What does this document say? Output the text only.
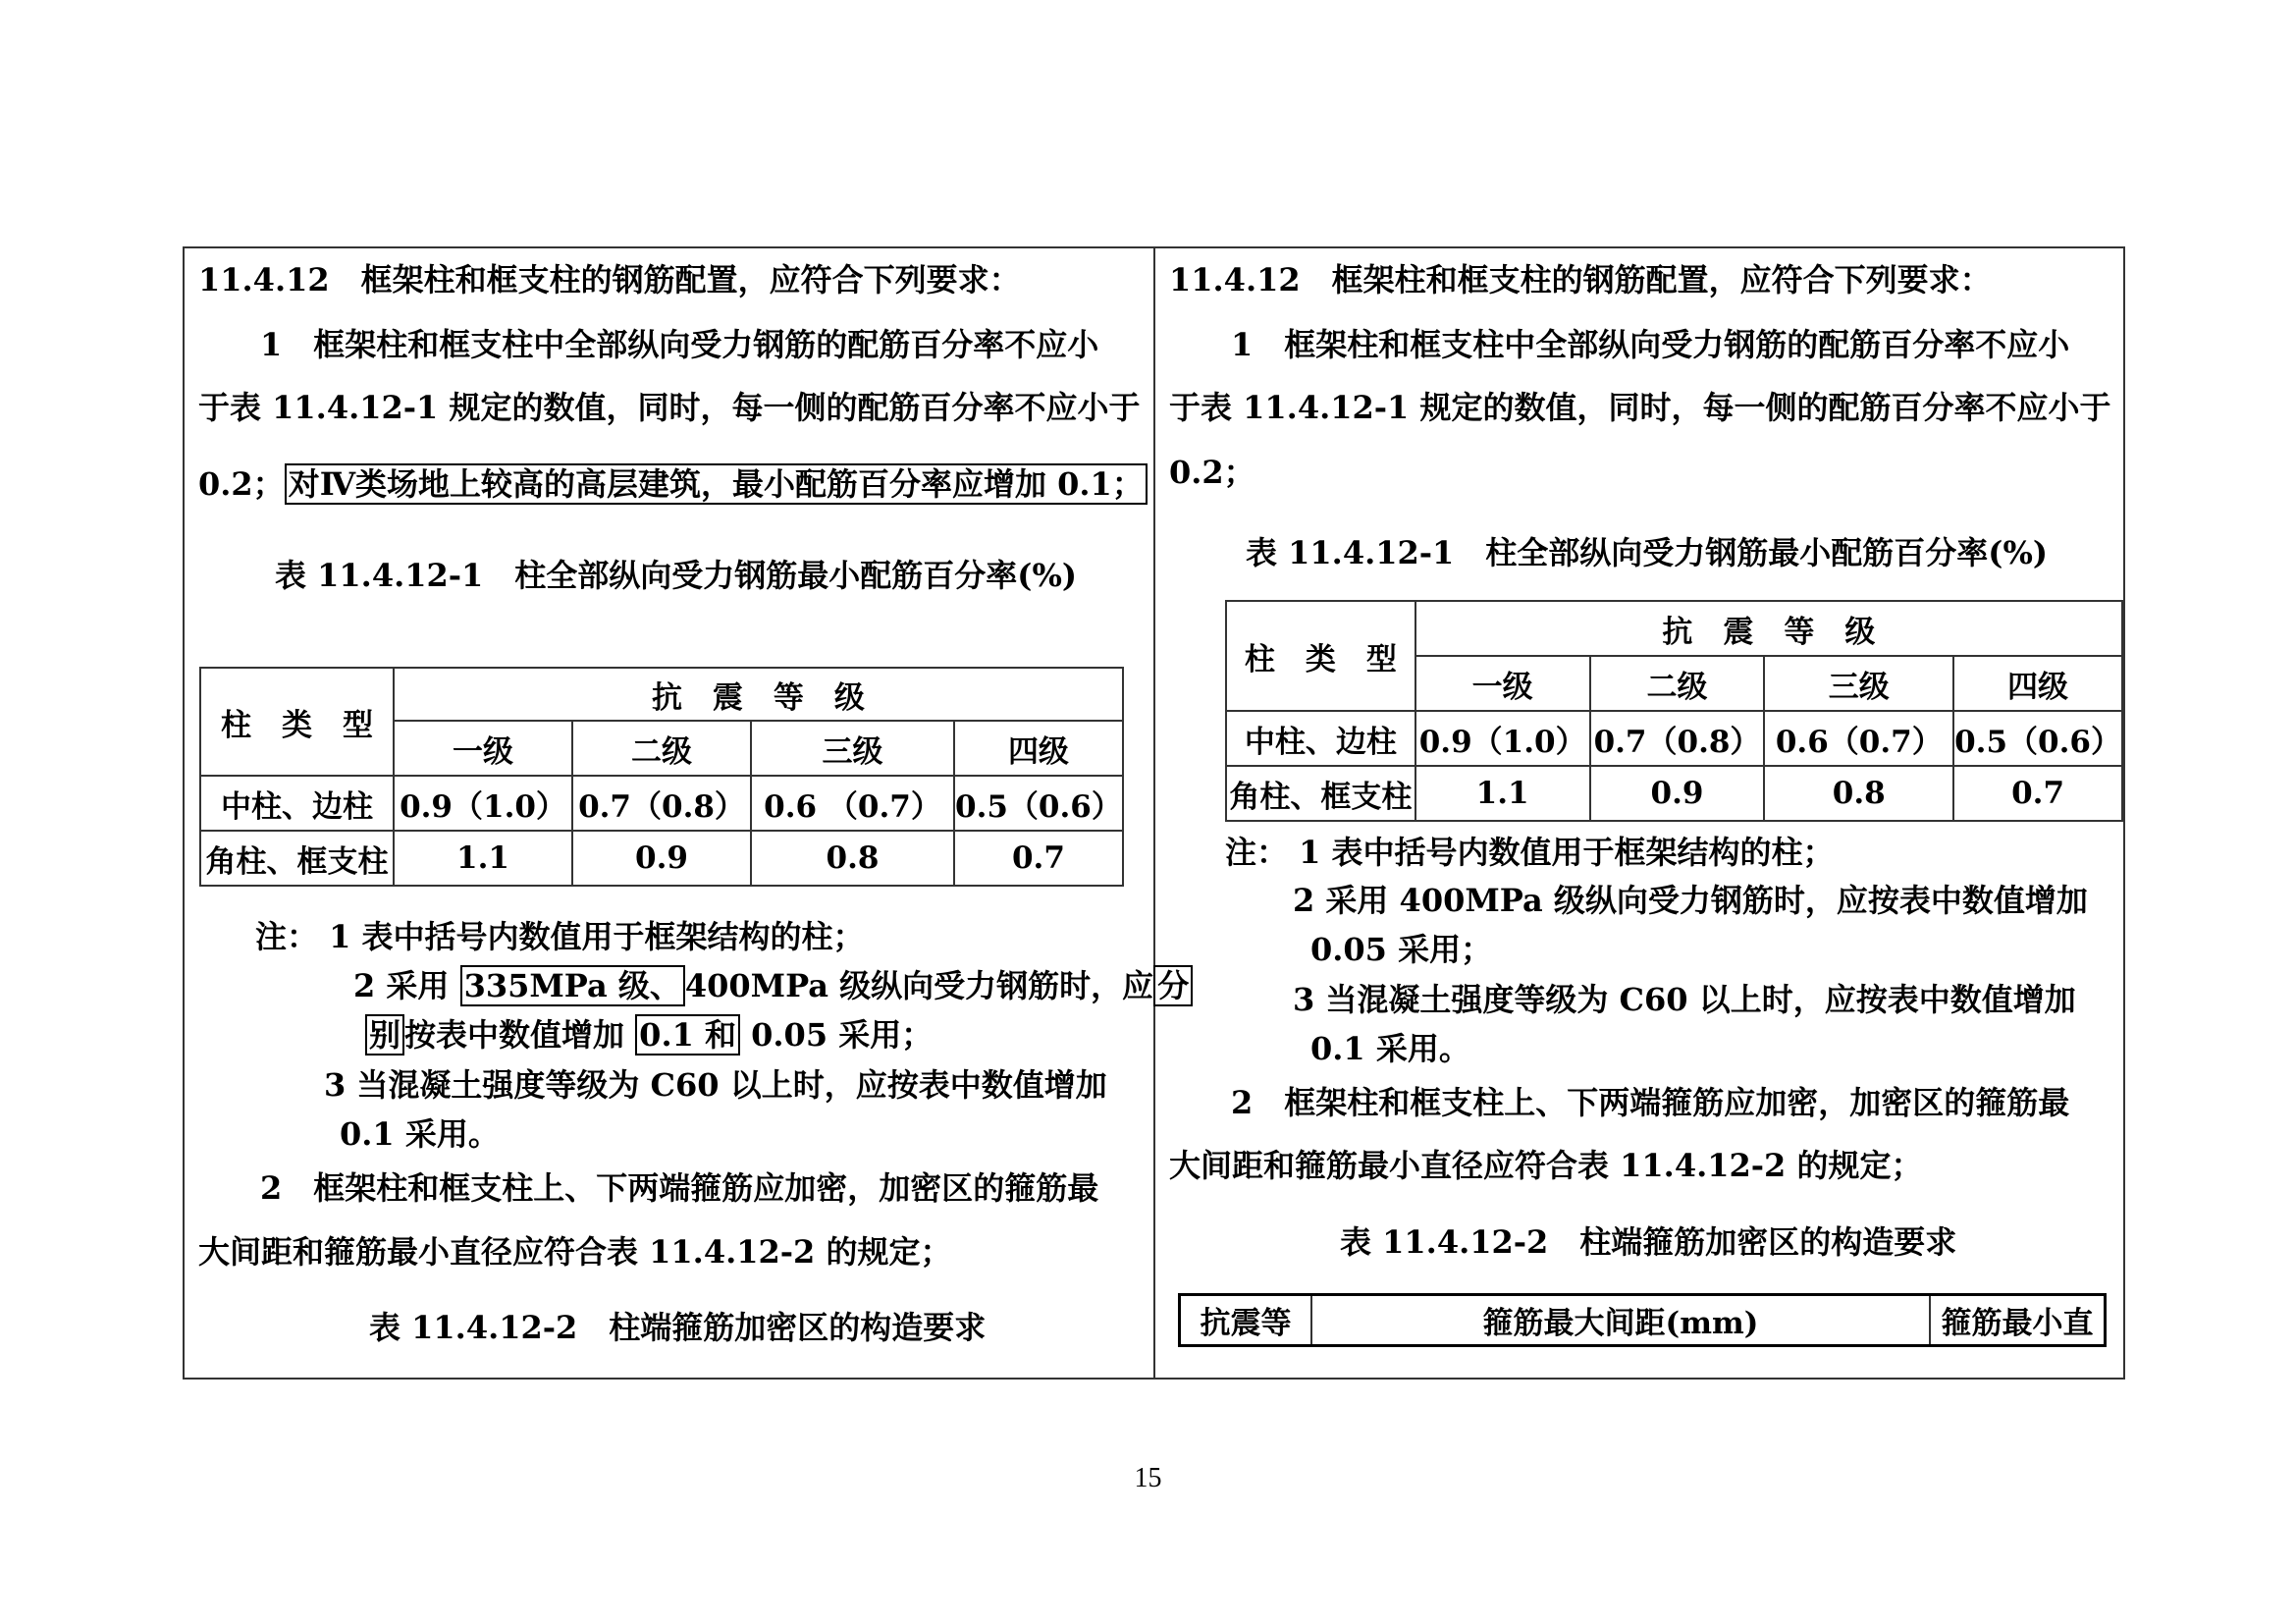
11.4.12　框架柱和框支柱的钢筋配置，应符合下列要求：
1　框架柱和框支柱中全部纵向受力钢筋的配筋百分率不应小
于表 11.4.12-1 规定的数值，同时，每一侧的配筋百分率不应小于
0.2； 对Ⅳ类场地上较高的高层建筑，最小配筋百分率应增加 0.1；
表 11.4.12-1　柱全部纵向受力钢筋最小配筋百分率(%)
柱　类　型	抗　震　等　级			
	一级	二级	三级	四级
中柱、边柱	0.9（1.0）	0.7（0.8）	0.6 （0.7）	0.5（0.6）
角柱、框支柱	1.1	0.9	0.8	0.7
注： 1 表中括号内数值用于框架结构的柱；
2 采用 335MPa 级、 400MPa 级纵向受力钢筋时，应 分
别 按表中数值增加 0.1 和 0.05 采用；
3 当混凝土强度等级为 C60 以上时，应按表中数值增加
0.1 采用。
2　框架柱和框支柱上、下两端箍筋应加密，加密区的箍筋最
大间距和箍筋最小直径应符合表 11.4.12-2 的规定；
表 11.4.12-2　柱端箍筋加密区的构造要求
11.4.12　框架柱和框支柱的钢筋配置，应符合下列要求：
1　框架柱和框支柱中全部纵向受力钢筋的配筋百分率不应小
于表 11.4.12-1 规定的数值，同时，每一侧的配筋百分率不应小于
0.2；
表 11.4.12-1　柱全部纵向受力钢筋最小配筋百分率(%)
柱　类　型	抗　震　等　级			
	一级	二级	三级	四级
中柱、边柱	0.9（1.0）	0.7（0.8）	0.6（0.7）	0.5（0.6）
角柱、框支柱	1.1	0.9	0.8	0.7
注： 1 表中括号内数值用于框架结构的柱；
2 采用 400MPa 级纵向受力钢筋时，应按表中数值增加
0.05 采用；
3 当混凝土强度等级为 C60 以上时，应按表中数值增加
0.1 采用。
2　框架柱和框支柱上、下两端箍筋应加密，加密区的箍筋最
大间距和箍筋最小直径应符合表 11.4.12-2 的规定；
表 11.4.12-2　柱端箍筋加密区的构造要求
抗震等	箍筋最大间距(mm)	箍筋最小直
15
